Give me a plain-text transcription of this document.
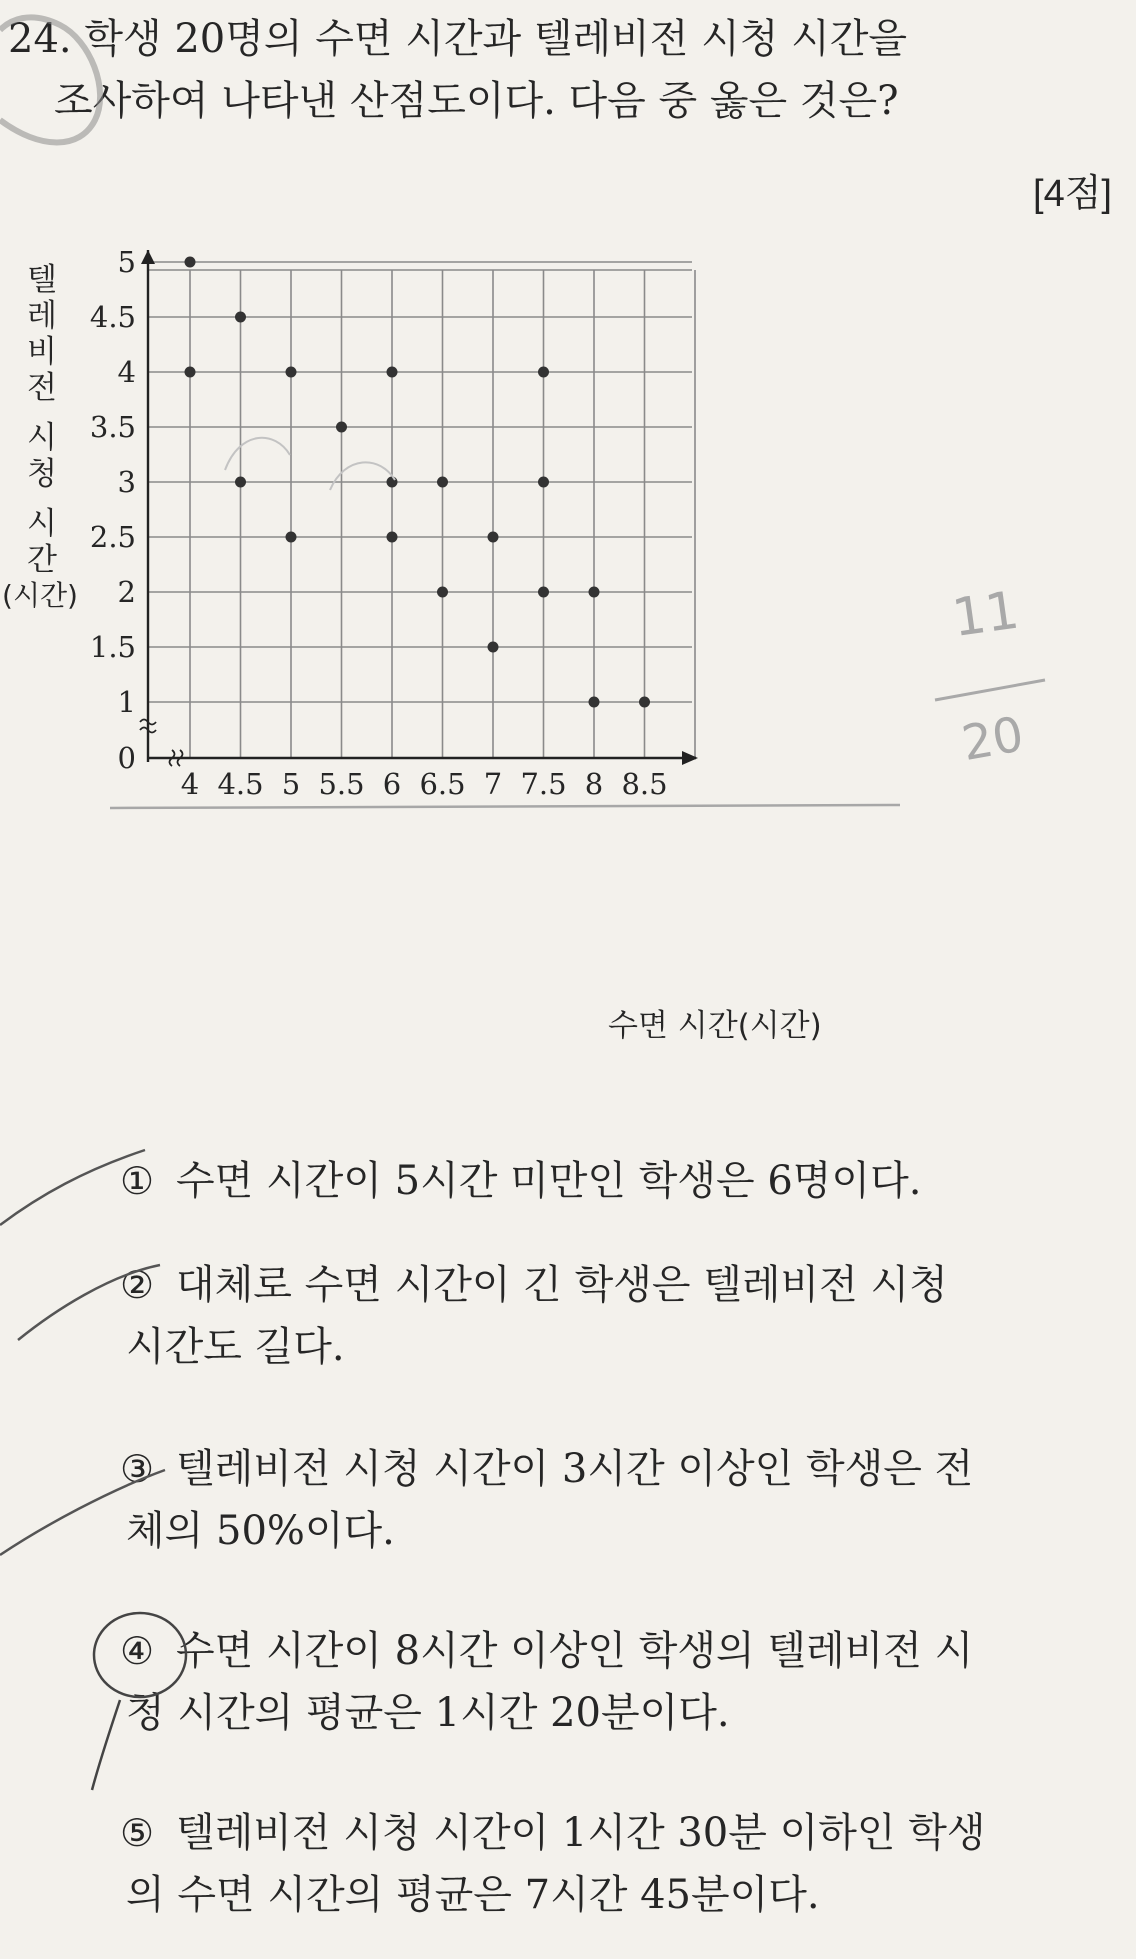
24. 학생 20명의 수면 시간과 텔레비전 시청 시간을
조사하여 나타낸 산점도이다. 다음 중 옳은 것은?
[4점]
1
1.5
2
2.5
3
3.5
4
4.5
5
0
4 4.5 5 5.5 6 6.5 7 7.5 8 8.5
텔
레
비
전

시
청

시
간
(시간)
수면 시간(시간)
① 수면 시간이 5시간 미만인 학생은 6명이다.
② 대체로 수면 시간이 긴 학생은 텔레비전 시청
시간도 길다.
③ 텔레비전 시청 시간이 3시간 이상인 학생은 전
체의 50%이다.
④ 수면 시간이 8시간 이상인 학생의 텔레비전 시
청 시간의 평균은 1시간 20분이다.
⑤ 텔레비전 시청 시간이 1시간 30분 이하인 학생
의 수면 시간의 평균은 7시간 45분이다.
11
20
